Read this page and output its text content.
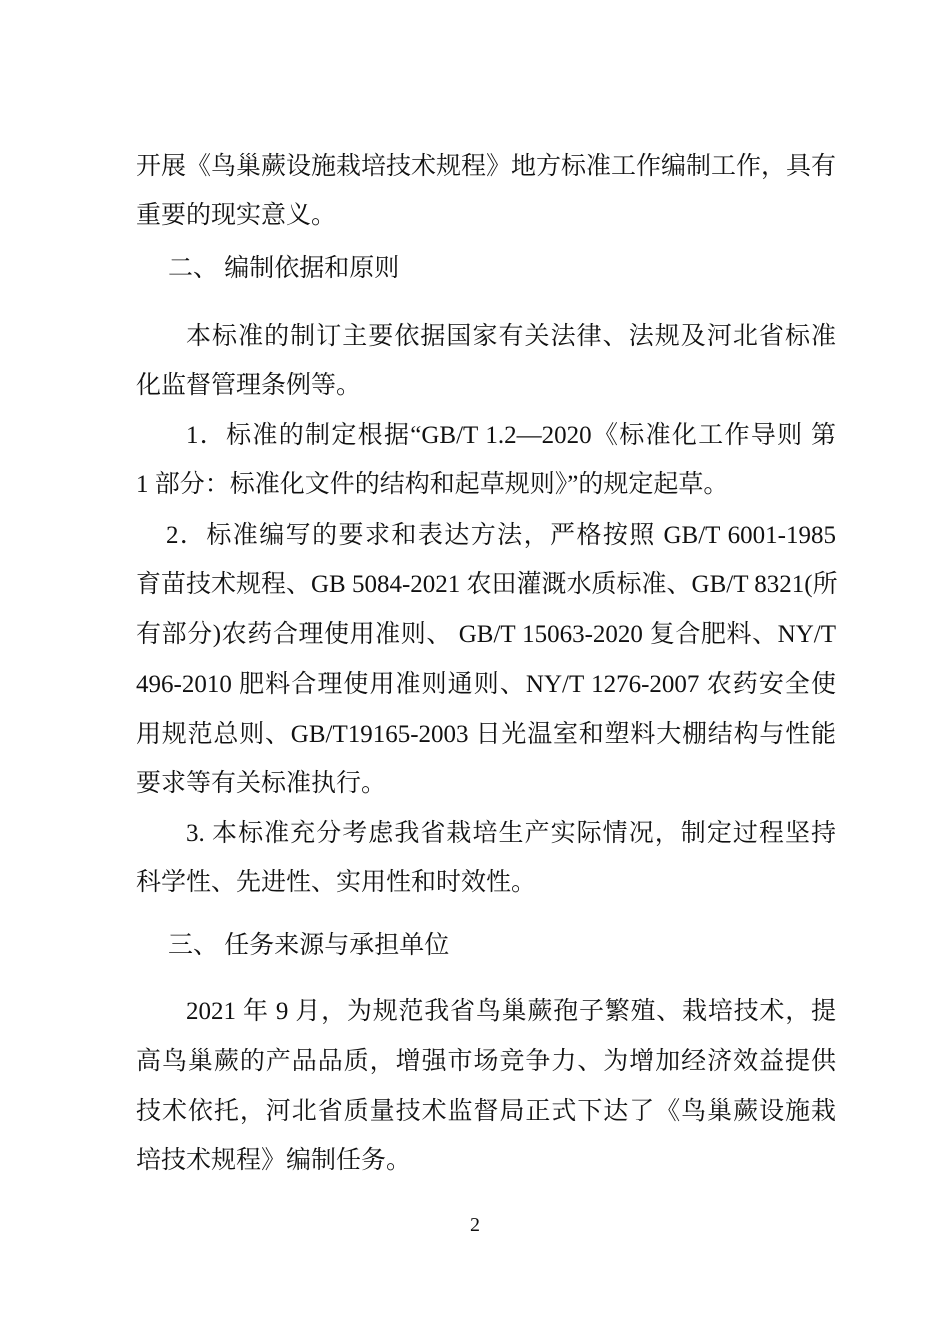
开展《鸟巢蕨设施栽培技术规程》地方标准工作编制工作，具有
重要的现实意义。
二、 编制依据和原则
本标准的制订主要依据国家有关法律、法规及河北省标准
化监督管理条例等。
1．标准的制定根据“GB/T 1.2—2020《标准化工作导则 第
1 部分：标准化文件的结构和起草规则》”的规定起草。
2．标准编写的要求和表达方法，严格按照 GB/T 6001-1985
育苗技术规程、GB 5084-2021 农田灌溉水质标准、GB/T 8321(所
有部分)农药合理使用准则、 GB/T 15063-2020 复合肥料、NY/T
496-2010 肥料合理使用准则通则、NY/T 1276-2007 农药安全使
用规范总则、GB/T19165-2003 日光温室和塑料大棚结构与性能
要求等有关标准执行。
3. 本标准充分考虑我省栽培生产实际情况，制定过程坚持
科学性、先进性、实用性和时效性。
三、 任务来源与承担单位
2021 年 9 月，为规范我省鸟巢蕨孢子繁殖、栽培技术，提
高鸟巢蕨的产品品质，增强市场竞争力、为增加经济效益提供
技术依托，河北省质量技术监督局正式下达了《鸟巢蕨设施栽
培技术规程》编制任务。
2
